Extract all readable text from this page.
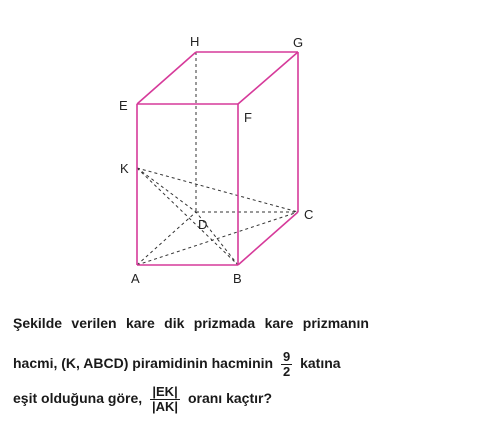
H	G
E
F
K
D
C
A	B
Şekilde verilen kare dik prizmada kare prizmanın
hacmi, (K, ABCD) piramidinin hacminin $\frac{9}{2}$ katına
eşit olduğuna göre, $\frac{|EK|}{|AK|}$ oranı kaçtır?
